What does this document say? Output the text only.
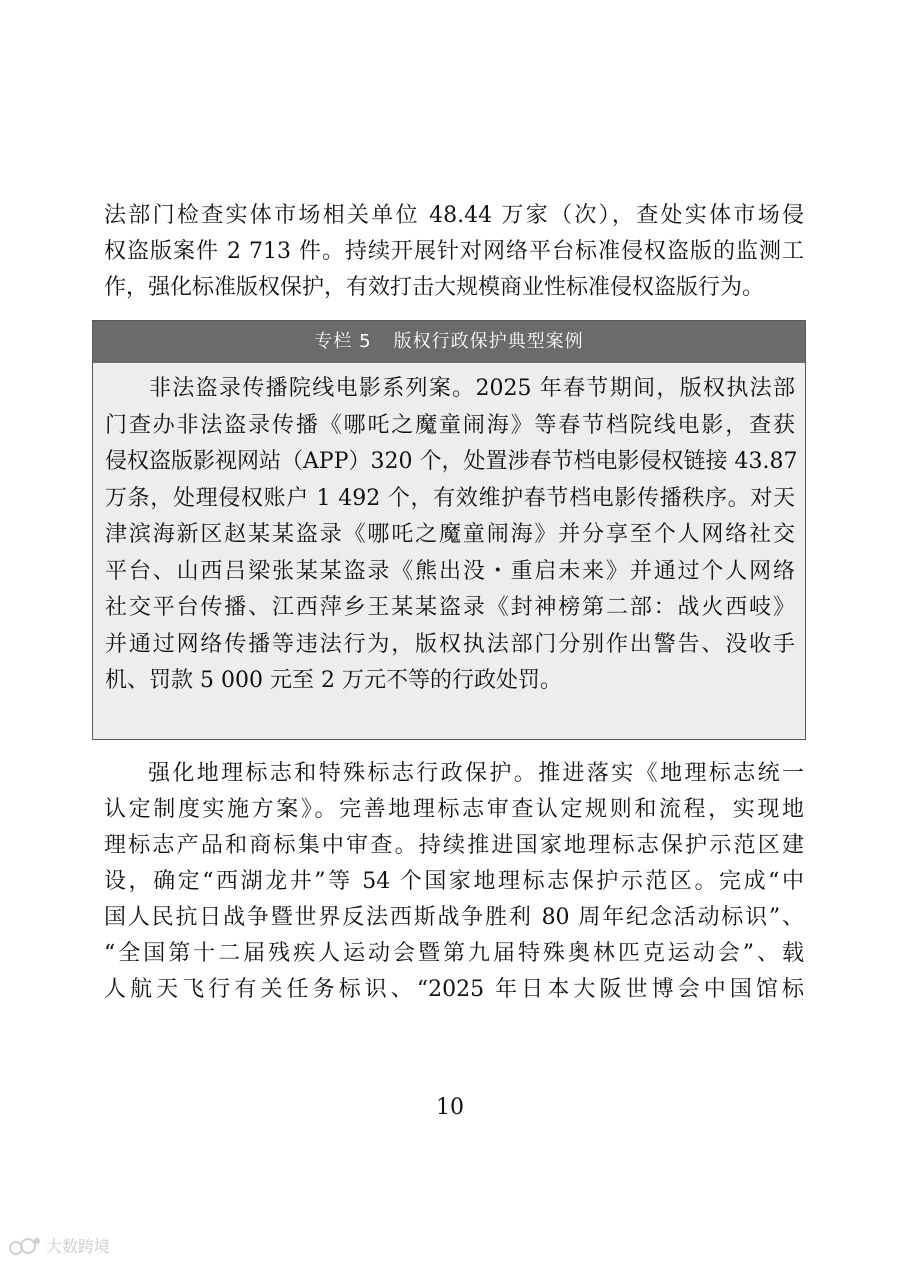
法部门检查实体市场相关单位 48.44 万家（次），查处实体市场侵
权盗版案件 2 713 件。持续开展针对网络平台标准侵权盗版的监测工
作，强化标准版权保护，有效打击大规模商业性标准侵权盗版行为。

专栏 5 版权行政保护典型案例
非法盗录传播院线电影系列案。2025 年春节期间，版权执法部
门查办非法盗录传播《哪吒之魔童闹海》等春节档院线电影，查获
侵权盗版影视网站（APP）320 个，处置涉春节档电影侵权链接 43.87
万条，处理侵权账户 1 492 个，有效维护春节档电影传播秩序。对天
津滨海新区赵某某盗录《哪吒之魔童闹海》并分享至个人网络社交
平台、山西吕梁张某某盗录《熊出没・重启未来》并通过个人网络
社交平台传播、江西萍乡王某某盗录《封神榜第二部：战火西岐》
并通过网络传播等违法行为，版权执法部门分别作出警告、没收手
机、罚款 5 000 元至 2 万元不等的行政处罚。

强化地理标志和特殊标志行政保护。推进落实《地理标志统一
认定制度实施方案》。完善地理标志审查认定规则和流程，实现地
理标志产品和商标集中审查。持续推进国家地理标志保护示范区建
设，确定“西湖龙井”等 54 个国家地理标志保护示范区。完成“中
国人民抗日战争暨世界反法西斯战争胜利 80 周年纪念活动标识”、
“全国第十二届残疾人运动会暨第九届特殊奥林匹克运动会”、载
人航天飞行有关任务标识、“2025 年日本大阪世博会中国馆标

10
大数跨境
